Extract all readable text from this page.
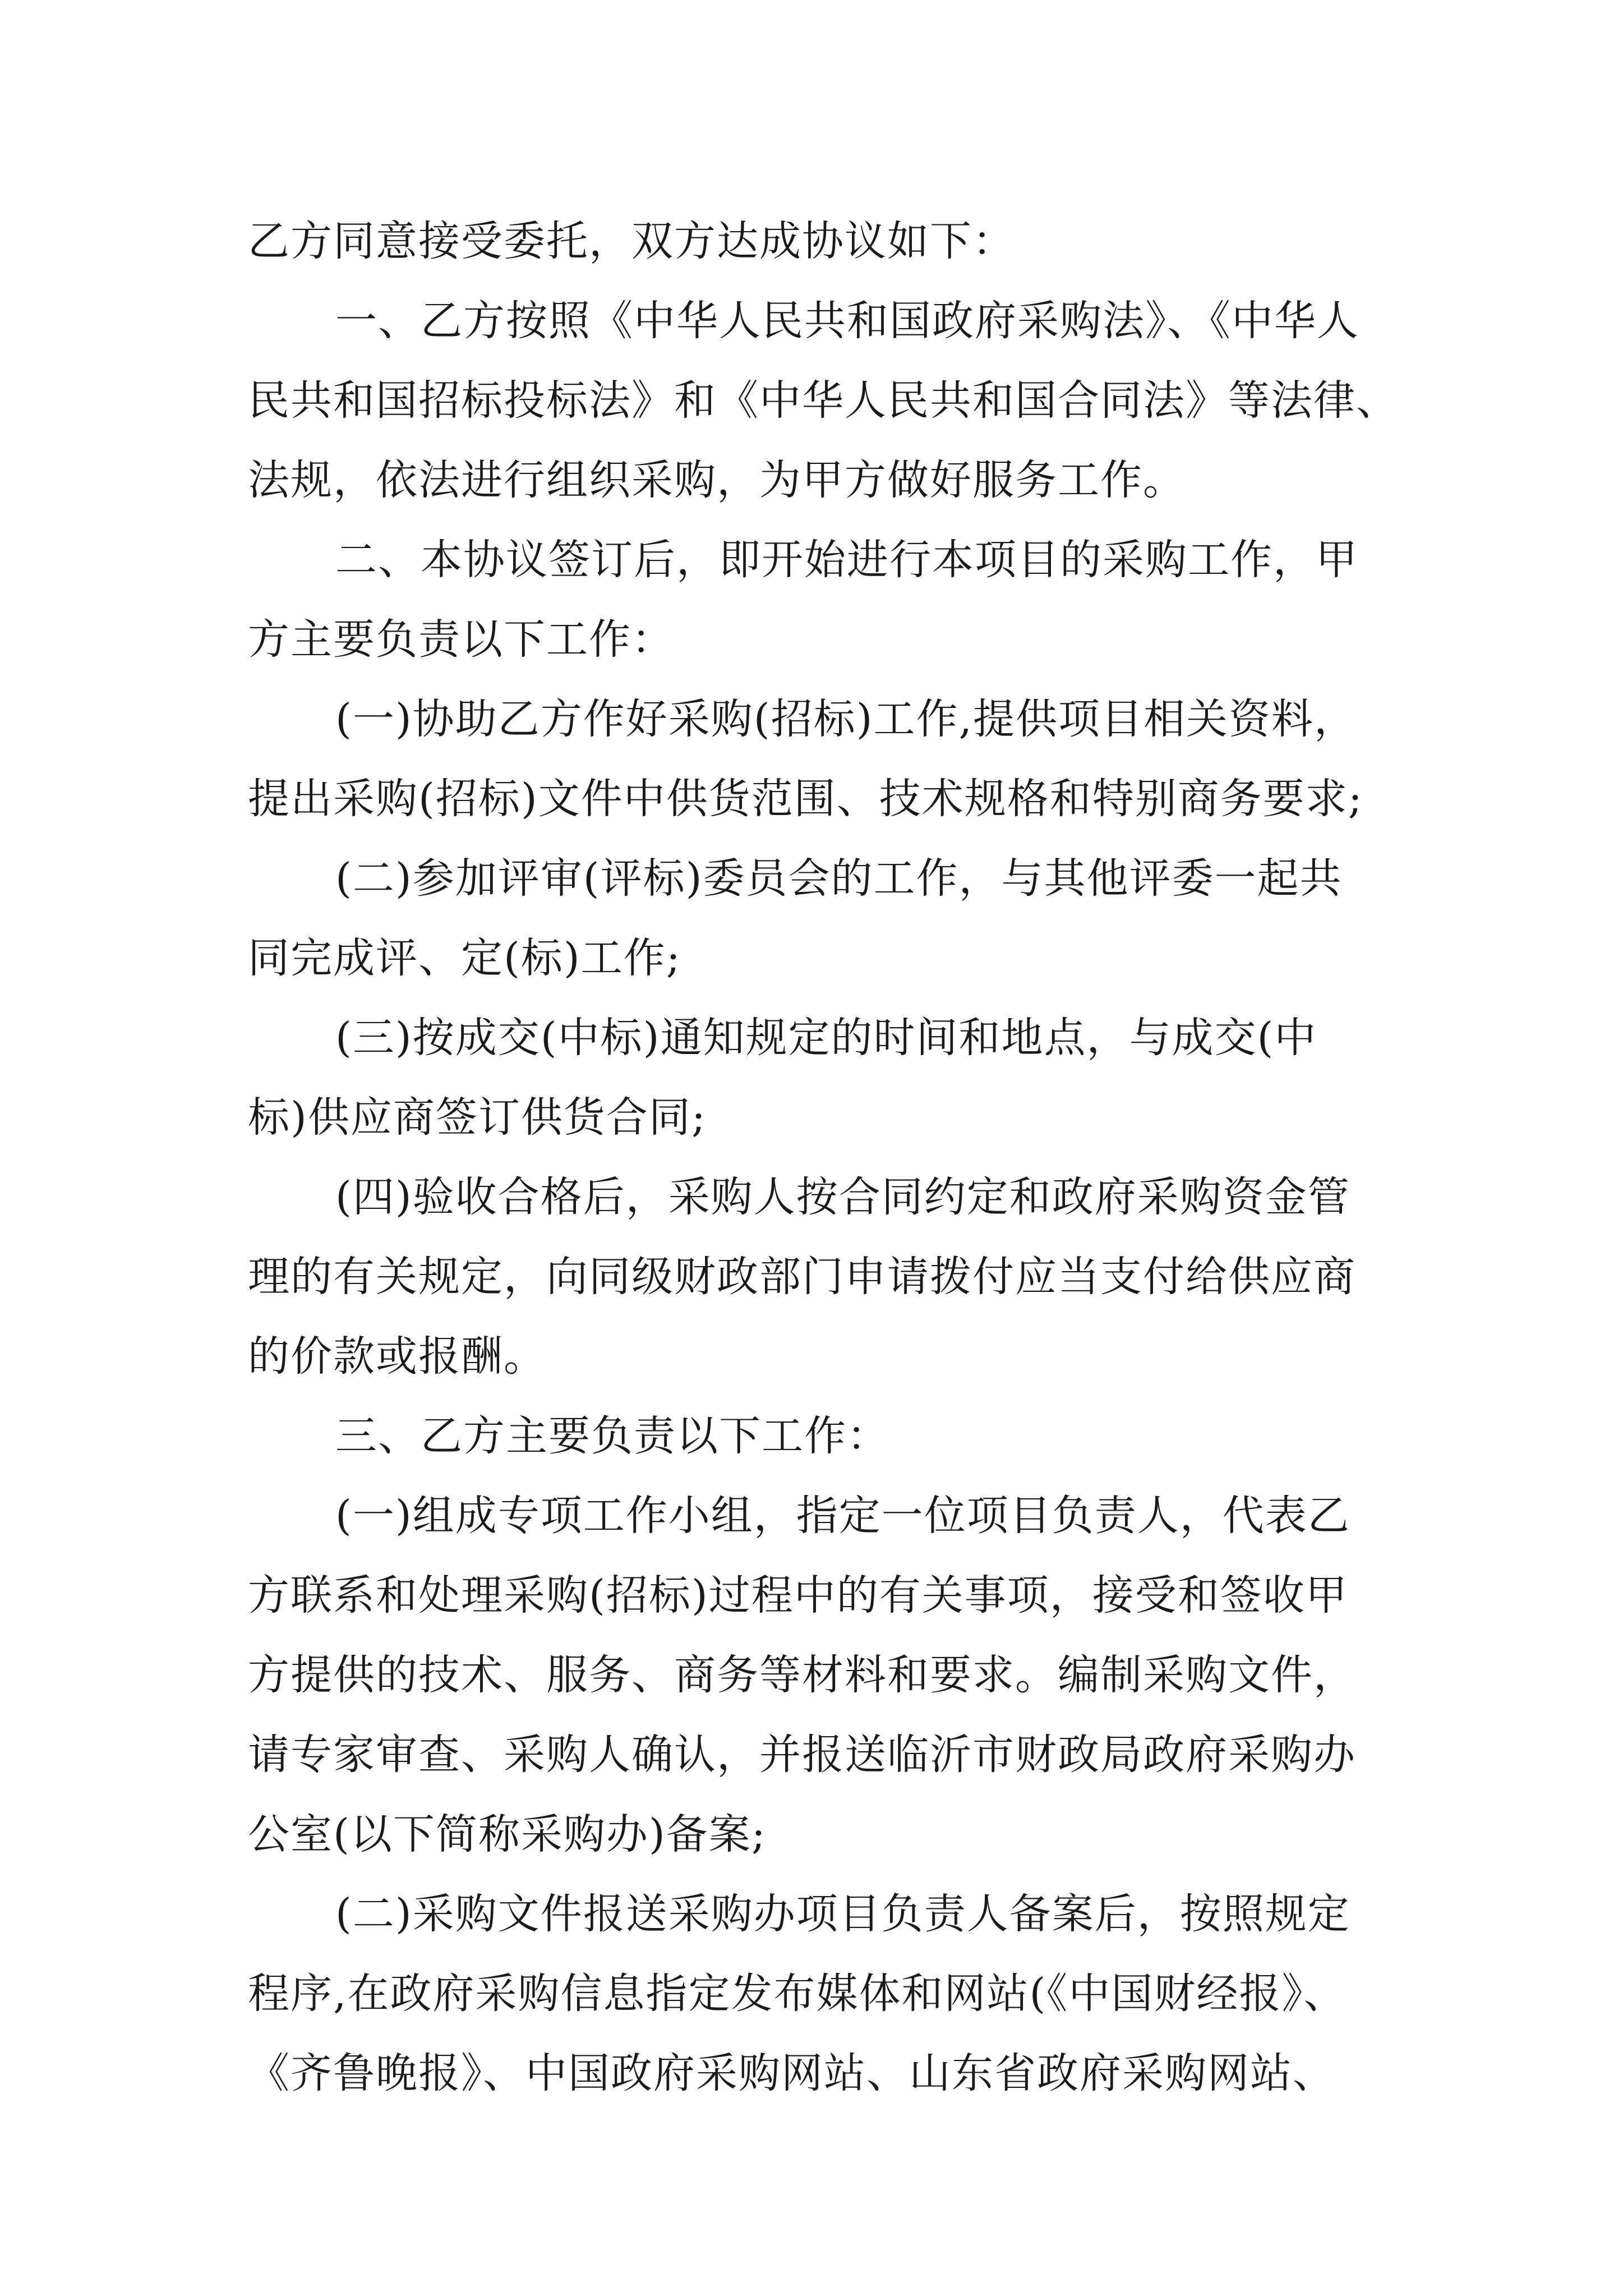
乙方同意接受委托，双方达成协议如下：
一、乙方按照《中华人民共和国政府采购法》、《中华人
民共和国招标投标法》和《中华人民共和国合同法》等法律、
法规，依法进行组织采购，为甲方做好服务工作。
二、本协议签订后，即开始进行本项目的采购工作，甲
方主要负责以下工作：
(一)协助乙方作好采购(招标)工作,提供项目相关资料，
提出采购(招标)文件中供货范围、技术规格和特别商务要求;
(二)参加评审(评标)委员会的工作，与其他评委一起共
同完成评、定(标)工作;
(三)按成交(中标)通知规定的时间和地点，与成交(中
标)供应商签订供货合同;
(四)验收合格后，采购人按合同约定和政府采购资金管
理的有关规定，向同级财政部门申请拨付应当支付给供应商
的价款或报酬。
三、乙方主要负责以下工作：
(一)组成专项工作小组，指定一位项目负责人，代表乙
方联系和处理采购(招标)过程中的有关事项，接受和签收甲
方提供的技术、服务、商务等材料和要求。编制采购文件，
请专家审查、采购人确认，并报送临沂市财政局政府采购办
公室(以下简称采购办)备案;
(二)采购文件报送采购办项目负责人备案后，按照规定
程序,在政府采购信息指定发布媒体和网站(《中国财经报》、
《齐鲁晚报》、中国政府采购网站、山东省政府采购网站、
